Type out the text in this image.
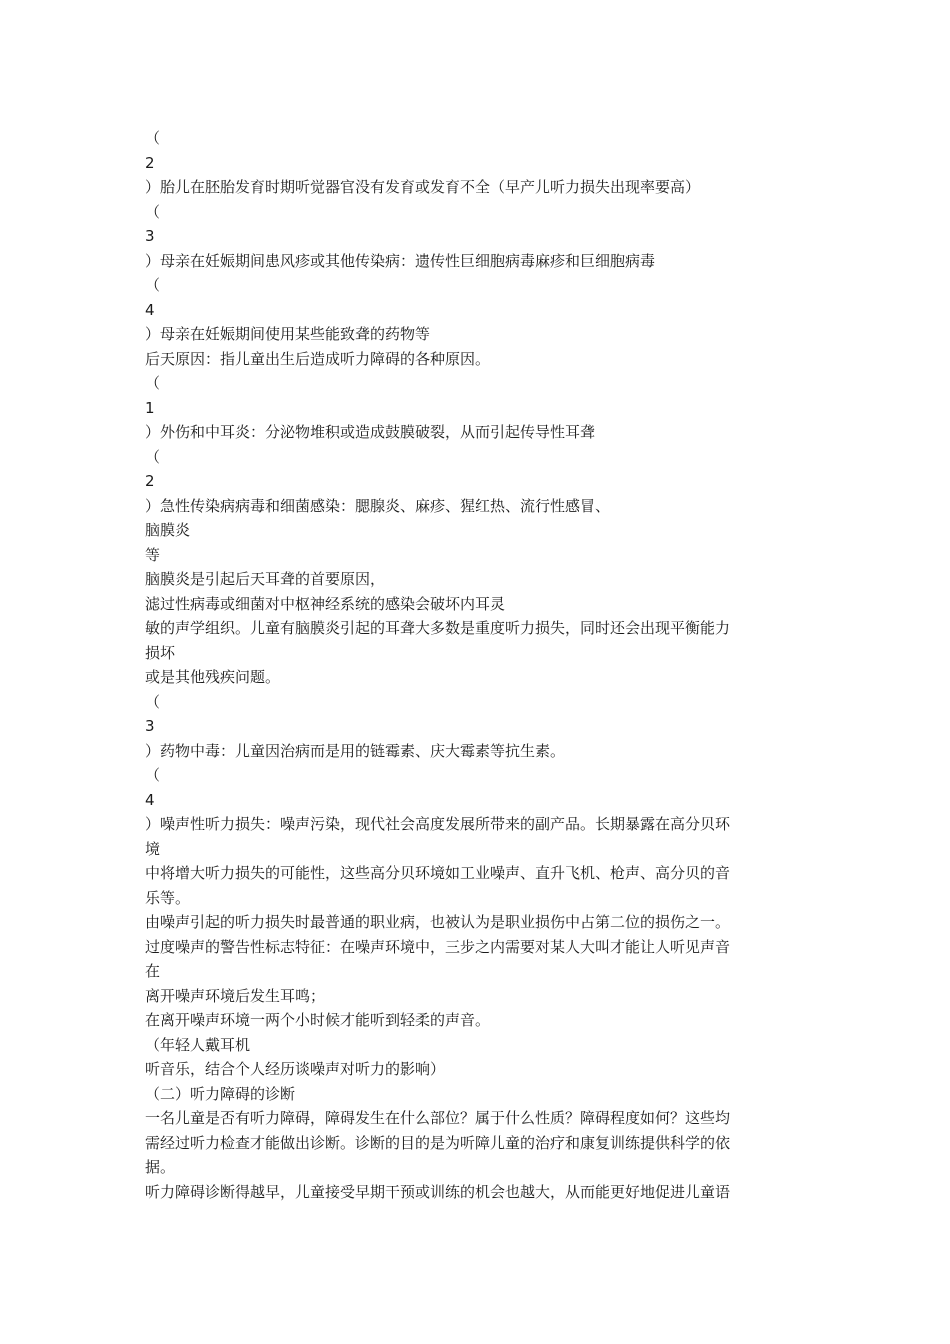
（
2
）胎儿在胚胎发育时期听觉器官没有发育或发育不全（早产儿听力损失出现率要高）
（
3
）母亲在妊娠期间患风疹或其他传染病：遗传性巨细胞病毒麻疹和巨细胞病毒
（
4
）母亲在妊娠期间使用某些能致聋的药物等
后天原因：指儿童出生后造成听力障碍的各种原因。
（
1
）外伤和中耳炎：分泌物堆积或造成鼓膜破裂，从而引起传导性耳聋
（
2
）急性传染病病毒和细菌感染：腮腺炎、麻疹、猩红热、流行性感冒、
脑膜炎
等
脑膜炎是引起后天耳聋的首要原因，
滤过性病毒或细菌对中枢神经系统的感染会破坏内耳灵
敏的声学组织。儿童有脑膜炎引起的耳聋大多数是重度听力损失，同时还会出现平衡能力
损坏
或是其他残疾问题。
（
3
）药物中毒：儿童因治病而是用的链霉素、庆大霉素等抗生素。
（
4
）噪声性听力损失：噪声污染，现代社会高度发展所带来的副产品。长期暴露在高分贝环
境
中将增大听力损失的可能性，这些高分贝环境如工业噪声、直升飞机、枪声、高分贝的音
乐等。
由噪声引起的听力损失时最普通的职业病，也被认为是职业损伤中占第二位的损伤之一。
过度噪声的警告性标志特征：在噪声环境中，三步之内需要对某人大叫才能让人听见声音
在
离开噪声环境后发生耳鸣；
在离开噪声环境一两个小时候才能听到轻柔的声音。
（年轻人戴耳机
听音乐，结合个人经历谈噪声对听力的影响）
（二）听力障碍的诊断
一名儿童是否有听力障碍，障碍发生在什么部位？属于什么性质？障碍程度如何？这些均
需经过听力检查才能做出诊断。诊断的目的是为听障儿童的治疗和康复训练提供科学的依
据。
听力障碍诊断得越早，儿童接受早期干预或训练的机会也越大，从而能更好地促进儿童语
